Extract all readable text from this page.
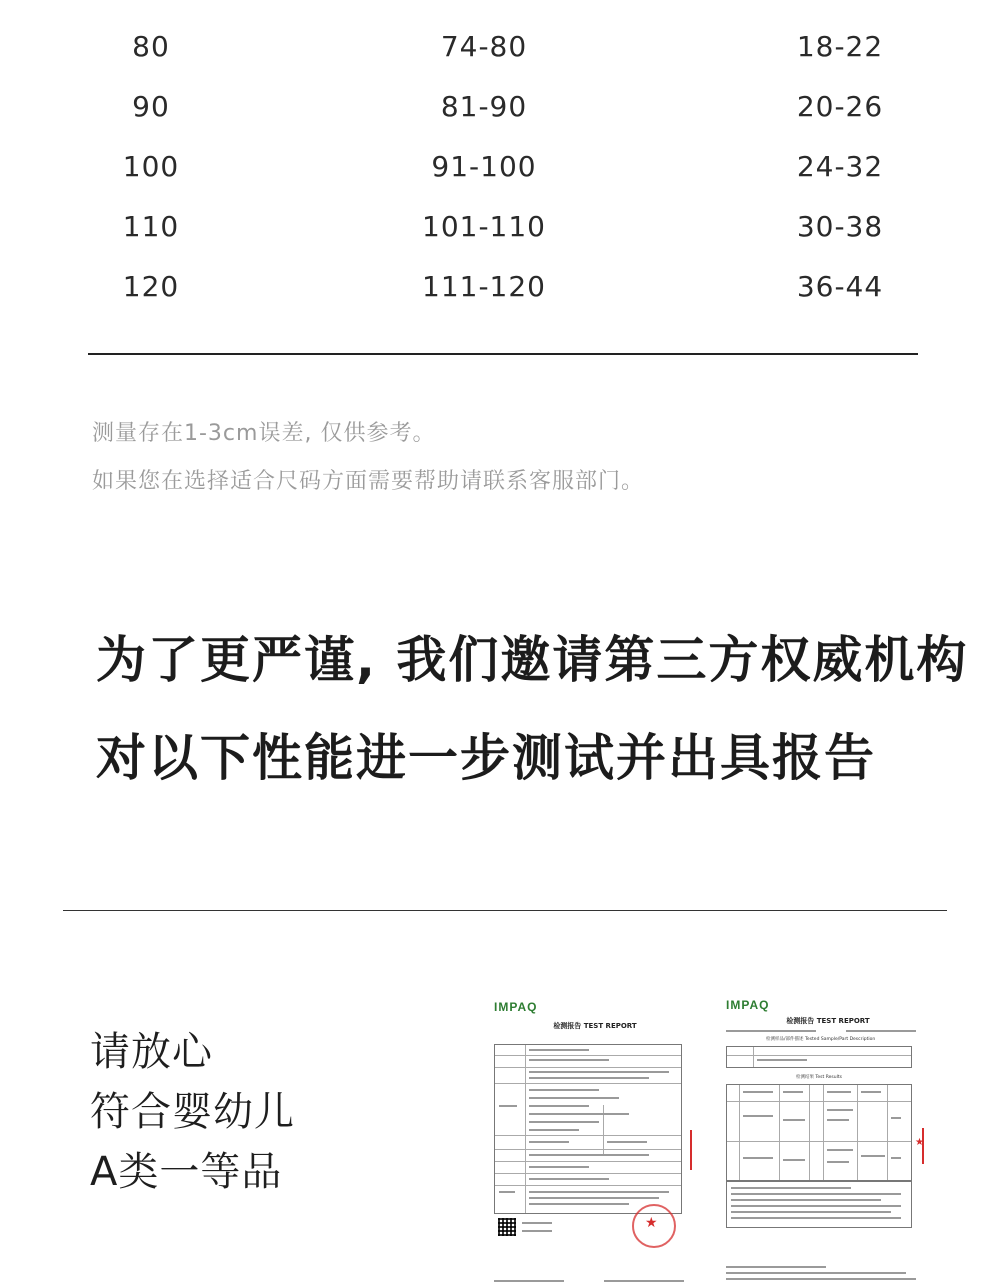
80	74-80	18-22
90	81-90	20-26
100	91-100	24-32
110	101-110	30-38
120	111-120	36-44
测量存在1-3cm误差, 仅供参考。
如果您在选择适合尺码方面需要帮助请联系客服部门。
为了更严谨, 我们邀请第三方权威机构
对以下性能进一步测试并出具报告
请放心
符合婴幼儿
A类一等品
IMPAQ
检测报告 TEST REPORT
★
IMPAQ
检测报告 TEST REPORT
检测样品/部件描述 Tested Sample/Part Description
检测结果 Test Results
★
